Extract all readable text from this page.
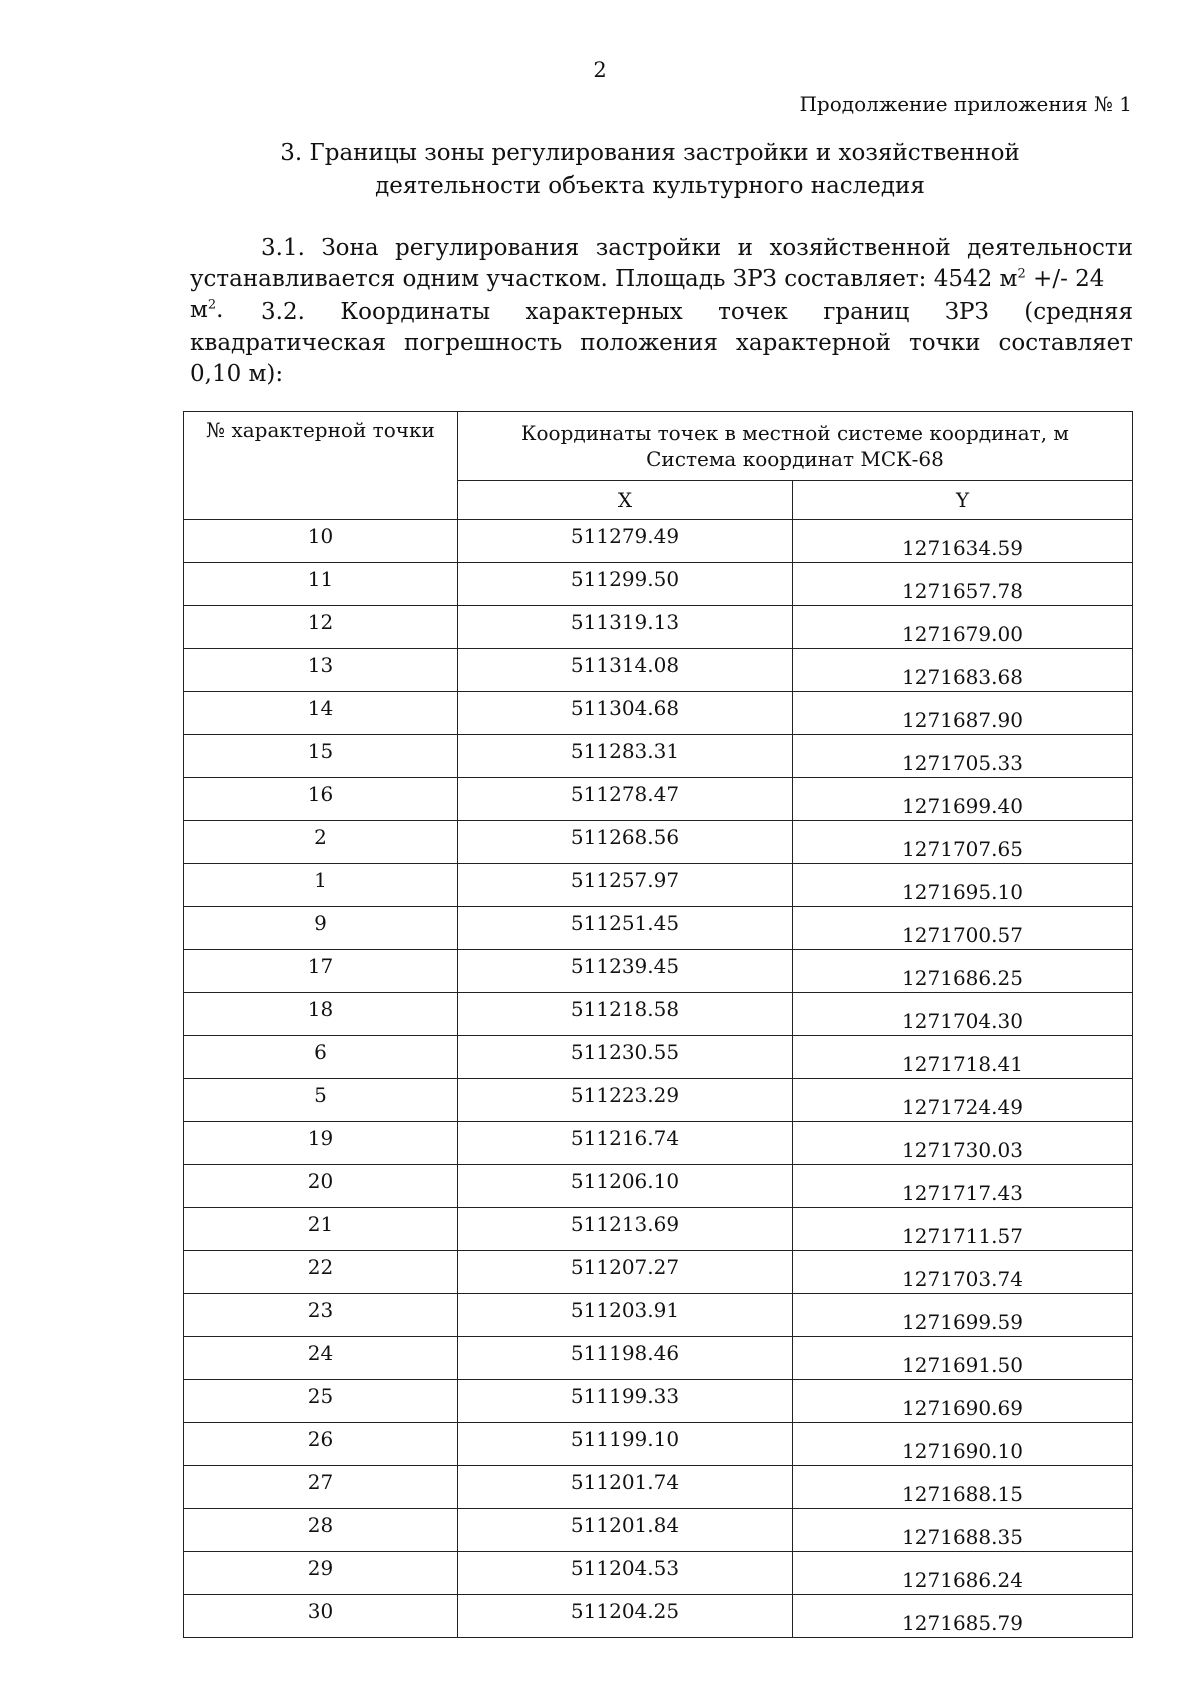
2
Продолжение приложения № 1
3. Границы зоны регулирования застройки и хозяйственной
деятельности объекта культурного наследия
3.1. Зона регулирования застройки и хозяйственной деятельности
устанавливается одним участком. Площадь ЗРЗ составляет: 4542 $м^2$ +/- 24 $м^2$.	3.2. Координаты характерных точек границ ЗРЗ (средняя
квадратическая погрешность положения характерной точки составляет
0,10 м):
№ характерной точки	Координаты точек в местной системе координат, м
Система координат МСК-68	

	X	Y
10	511279.49	1271634.59
11	511299.50	1271657.78
12	511319.13	1271679.00
13	511314.08	1271683.68
14	511304.68	1271687.90
15	511283.31	1271705.33
16	511278.47	1271699.40
2	511268.56	1271707.65
1	511257.97	1271695.10
9	511251.45	1271700.57
17	511239.45	1271686.25
18	511218.58	1271704.30
6	511230.55	1271718.41
5	511223.29	1271724.49
19	511216.74	1271730.03
20	511206.10	1271717.43
21	511213.69	1271711.57
22	511207.27	1271703.74
23	511203.91	1271699.59
24	511198.46	1271691.50
25	511199.33	1271690.69
26	511199.10	1271690.10
27	511201.74	1271688.15
28	511201.84	1271688.35
29	511204.53	1271686.24
30	511204.25	1271685.79
